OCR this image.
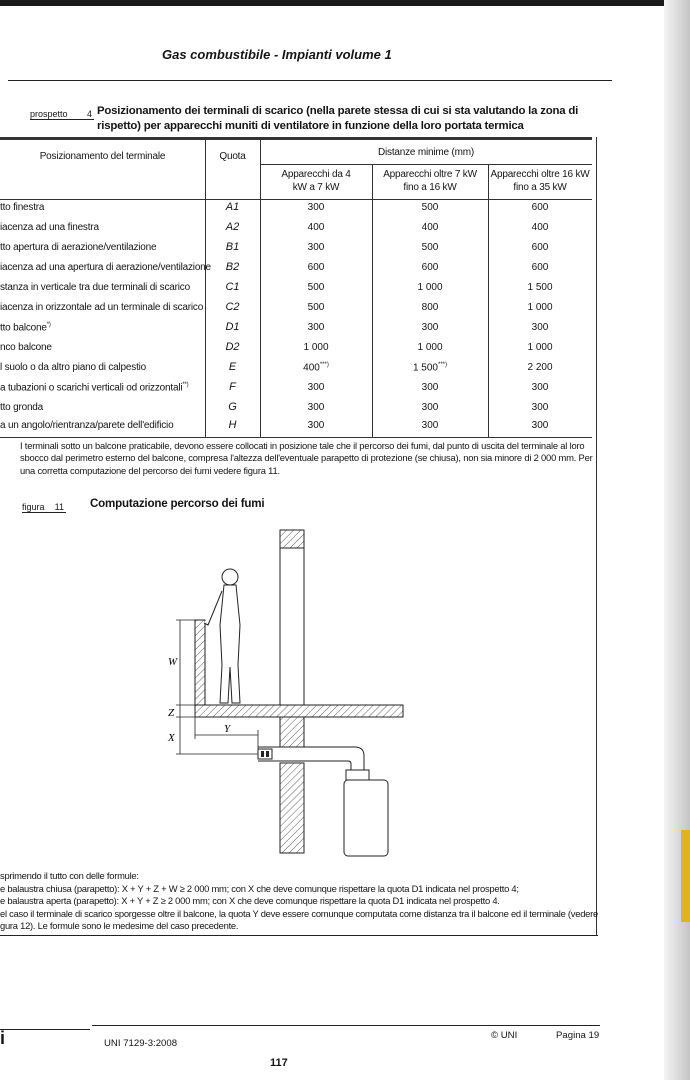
Gas combustibile - Impianti volume 1
prospetto 4 Posizionamento dei terminali di scarico (nella parete stessa di cui si sta valutando la zona di rispetto) per apparecchi muniti di ventilatore in funzione della loro portata termica
Posizionamento del terminale	Quota	Distanze minime (mm)
Apparecchi da 4 kW a 7 kW
Apparecchi oltre 7 kW fino a 16 kW
Apparecchi oltre 16 kW fino a 35 kW
tto finestra	A1	300	500	600
iacenza ad una finestra	A2	400	400	400
tto apertura di aerazione/ventilazione	B1	300	500	600
iacenza ad una apertura di aerazione/ventilazione	B2	600	600	600
stanza in verticale tra due terminali di scarico	C1	500	1 000	1 500
iacenza in orizzontale ad un terminale di scarico	C2	500	800	1 000
tto balcone*)	D1	300	300	300
nco balcone	D2	1 000	1 000	1 000
l suolo o da altro piano di calpestio	E	400***)	1 500***)	2 200
a tubazioni o scarichi verticali od orizzontali**)	F	300	300	300
tto gronda	G	300	300	300
a un angolo/rientranza/parete dell'edificio	H	300	300	300
I terminali sotto un balcone praticabile, devono essere collocati in posizione tale che il percorso dei fumi, dal punto di uscita del terminale al loro sbocco dal perimetro esterno del balcone, compresa l'altezza dell'eventuale parapetto di protezione (se chiusa), non sia minore di 2 000 mm. Per una corretta computazione del percorso dei fumi vedere figura 11.
figura 11 Computazione percorso dei fumi
W
Z
X
Y
sprimendo il tutto con delle formule:
e balaustra chiusa (parapetto): X + Y + Z + W ≥ 2 000 mm; con X che deve comunque rispettare la quota D1 indicata nel prospetto 4;
e balaustra aperta (parapetto): X + Y + Z ≥ 2 000 mm; con X che deve comunque rispettare la quota D1 indicata nel prospetto 4.
el caso il terminale di scarico sporgesse oltre il balcone, la quota Y deve essere comunque computata come distanza tra il balcone ed il terminale (vedere
gura 12). Le formule sono le medesime del caso precedente.
i	UNI 7129-3:2008
© UNI	Pagina 19
117
